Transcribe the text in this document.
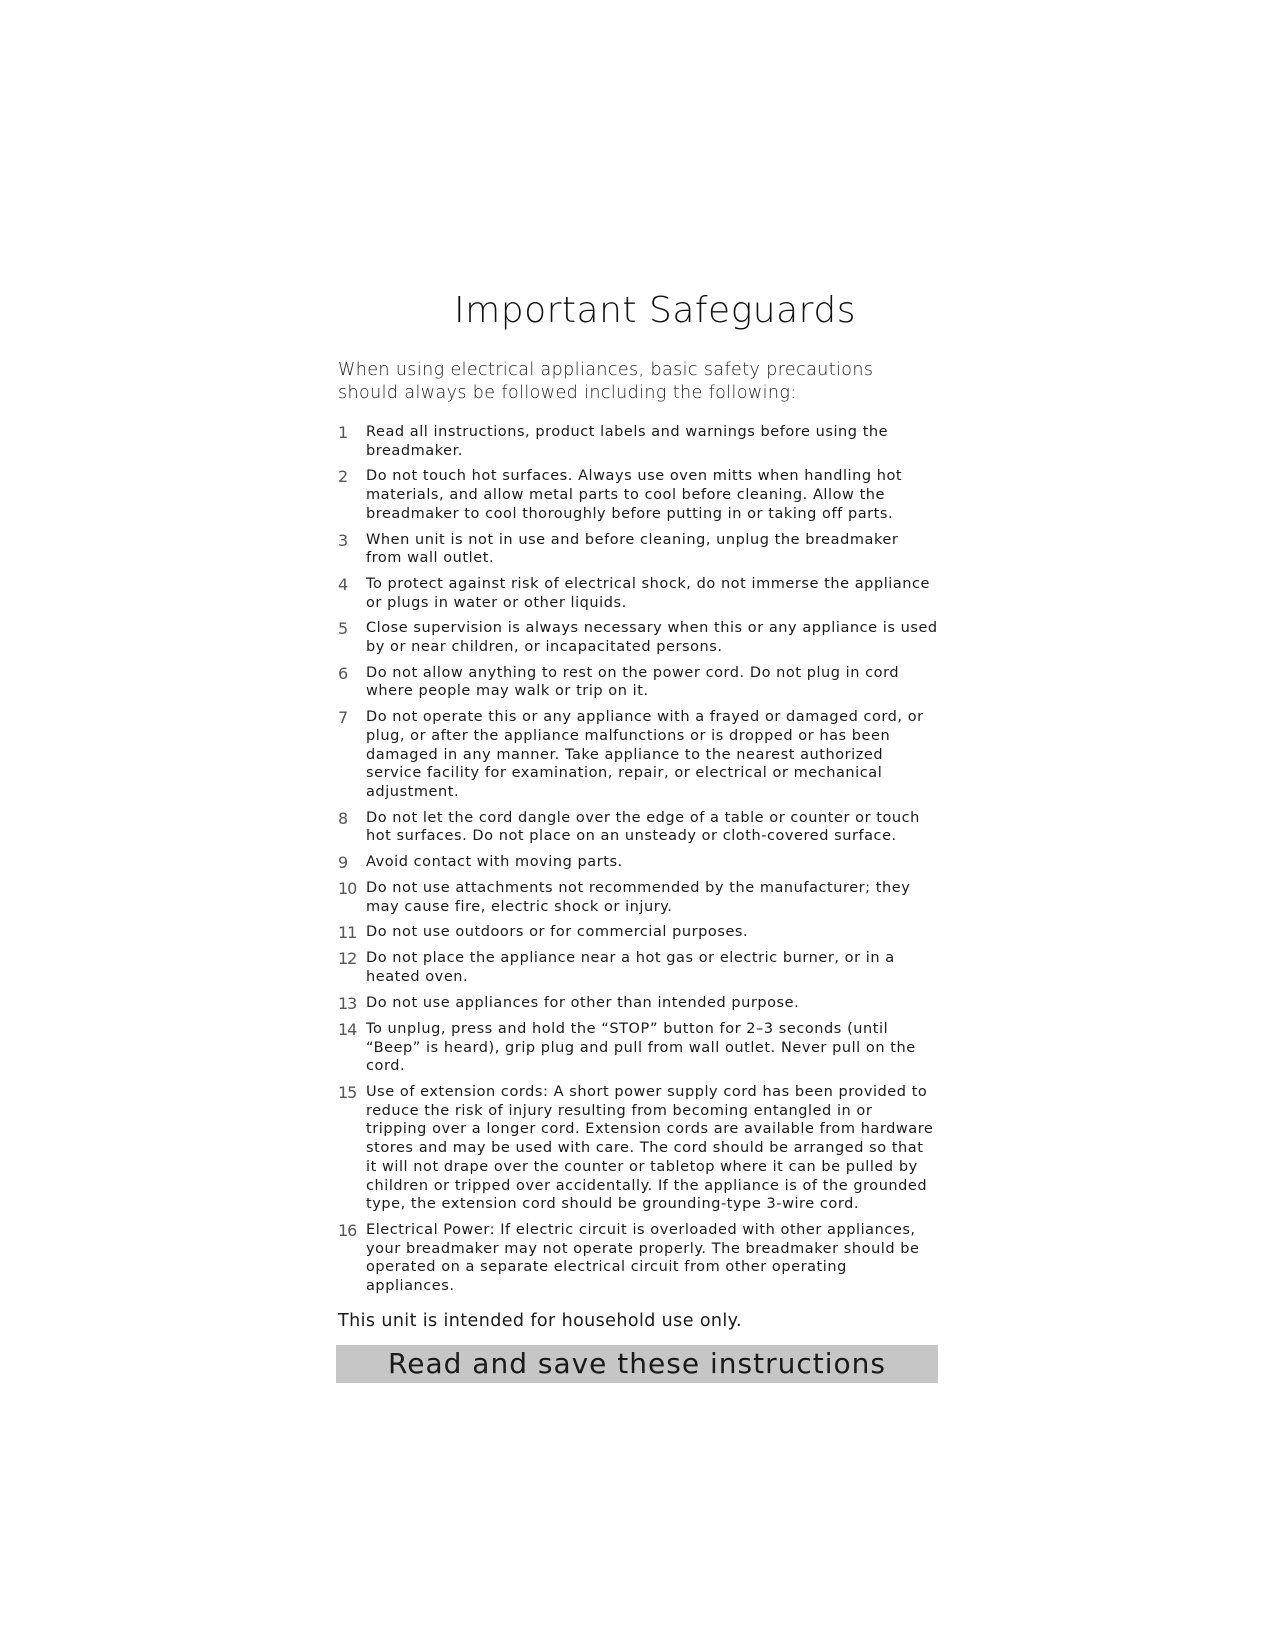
Important Safeguards

When using electrical appliances, basic safety precautions should always be followed including the following:

1	Read all instructions, product labels and warnings before using the breadmaker.
2	Do not touch hot surfaces. Always use oven mitts when handling hot materials, and allow metal parts to cool before cleaning. Allow the breadmaker to cool thoroughly before putting in or taking off parts.
3	When unit is not in use and before cleaning, unplug the breadmaker from wall outlet.
4	To protect against risk of electrical shock, do not immerse the appliance or plugs in water or other liquids.
5	Close supervision is always necessary when this or any appliance is used by or near children, or incapacitated persons.
6	Do not allow anything to rest on the power cord. Do not plug in cord where people may walk or trip on it.
7	Do not operate this or any appliance with a frayed or damaged cord, or plug, or after the appliance malfunctions or is dropped or has been damaged in any manner. Take appliance to the nearest authorized service facility for examination, repair, or electrical or mechanical adjustment.
8	Do not let the cord dangle over the edge of a table or counter or touch hot surfaces. Do not place on an unsteady or cloth-covered surface.
9	Avoid contact with moving parts.
10 Do not use attachments not recommended by the manufacturer; they may cause fire, electric shock or injury.
11 Do not use outdoors or for commercial purposes.
12 Do not place the appliance near a hot gas or electric burner, or in a heated oven.
13 Do not use appliances for other than intended purpose.
14 To unplug, press and hold the “STOP” button for 2–3 seconds (until “Beep” is heard), grip plug and pull from wall outlet. Never pull on the cord.
15 Use of extension cords: A short power supply cord has been provided to reduce the risk of injury resulting from becoming entangled in or tripping over a longer cord. Extension cords are available from hardware stores and may be used with care. The cord should be arranged so that it will not drape over the counter or tabletop where it can be pulled by children or tripped over accidentally. If the appliance is of the grounded type, the extension cord should be grounding-type 3-wire cord.
16 Electrical Power: If electric circuit is overloaded with other appliances, your breadmaker may not operate properly. The breadmaker should be operated on a separate electrical circuit from other operating appliances.

This unit is intended for household use only.

Read and save these instructions
